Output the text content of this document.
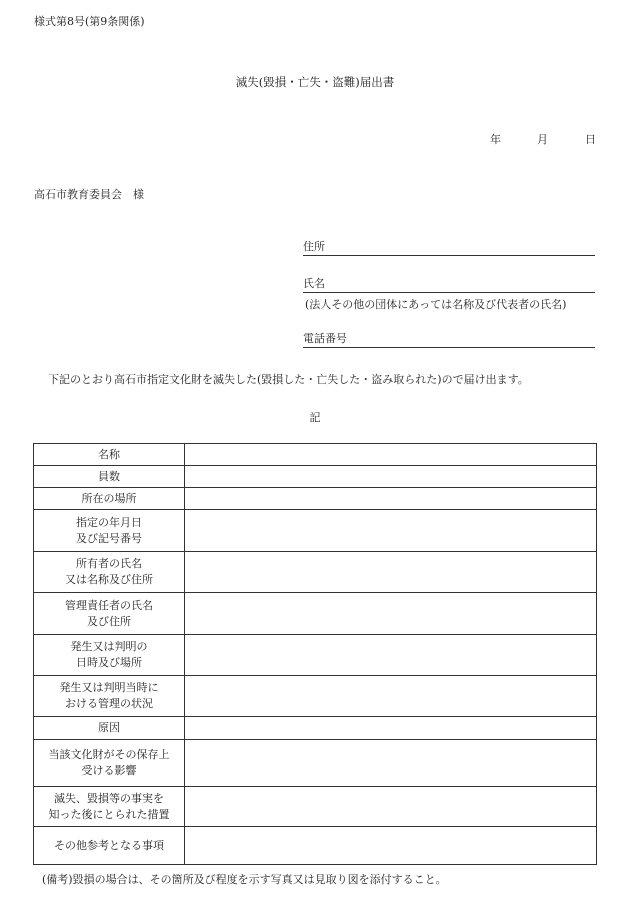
様式第8号(第9条関係)
滅失(毀損・亡失・盗難)届出書
年	月	日
高石市教育委員会　様
住所
氏名
(法人その他の団体にあっては名称及び代表者の氏名)
電話番号
下記のとおり高石市指定文化財を滅失した(毀損した・亡失した・盗み取られた)ので届け出ます。
記
名称	

員数	

所在の場所	

指定の年月日
及び記号番号	

所有者の氏名
又は名称及び住所	

管理責任者の氏名
及び住所	

発生又は判明の
日時及び場所	

発生又は判明当時に
おける管理の状況	

原因	

当該文化財がその保存上
受ける影響	

滅失、毀損等の事実を
知った後にとられた措置	

その他参考となる事項	

(備考)毀損の場合は、その箇所及び程度を示す写真又は見取り図を添付すること。
